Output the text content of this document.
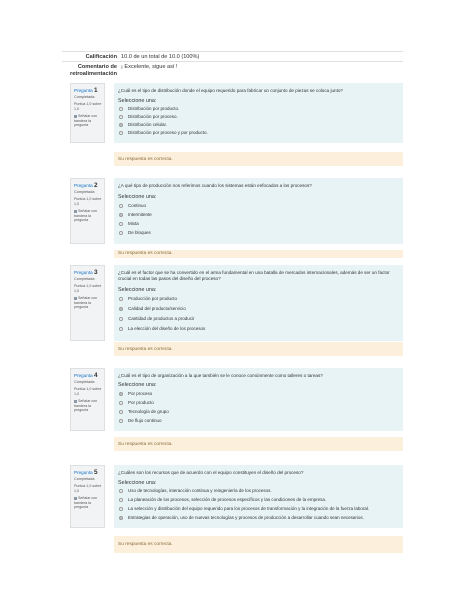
Calificación 10.0 de un total de 10.0 (100%)
Comentario de
retroalimentación
¡ Excelente, sigue así !
Pregunta 1
Completada
Puntúa 1,0 sobre 1,0
Señalar con bandera la pregunta
¿Cuál es el tipo de distribución donde el equipo requerido para fabricar un conjunto de piezas se coloca junto?
Seleccione una:
Distribución por producto.
Distribución por proceso.
Distribución celular.
Distribución por proceso y por producto.
Su respuesta es correcta.
Pregunta 2
Completada
Puntúa 1,0 sobre 1,0
Señalar con bandera la pregunta
¿A qué tipo de producción nos referimos cuando los sistemas están enfocados a los procesos?
Seleccione una:
Continuo
Intermitente
Mixta
De bloques
Su respuesta es correcta.
Pregunta 3
Completada
Puntúa 1,0 sobre 1,0
Señalar con bandera la pregunta
¿Cuál es el factor que se ha convertido en el arma fundamental en una batalla de mercados internacionales, además de ser un factor crucial en todas las pasos del diseño del proceso?
Seleccione una:
Producción por producto
Calidad del producto/servicio
Cantidad de productos a producir
La elección del diseño de los procesos
Su respuesta es correcta.
Pregunta 4
Completada
Puntúa 1,0 sobre 1,0
Señalar con bandera la pregunta
¿Cuál es el tipo de organización a la que también se le conoce comúnmente como talleres o tareas?
Seleccione una:
Por proceso
Por producto
Tecnología de grupo
De flujo continuo
Su respuesta es correcta.
Pregunta 5
Completada
Puntúa 1,0 sobre 1,0
Señalar con bandera la pregunta
¿Cuáles son los recursos que de acuerdo con el equipo constituyen el diseño del proceso?
Seleccione una:
Uso de tecnologías, interacción continua y reingeniería de los procesos.
La planeación de los procesos, selección de procesos específicos y las condiciones de la empresa.
La selección y distribución del equipo requerido para los procesos de transformación y la integración de la fuerza laboral.
Estrategias de operación, uso de nuevas tecnologías y procesos de producción a desarrollar cuando sean necesarios.
Su respuesta es correcta.
